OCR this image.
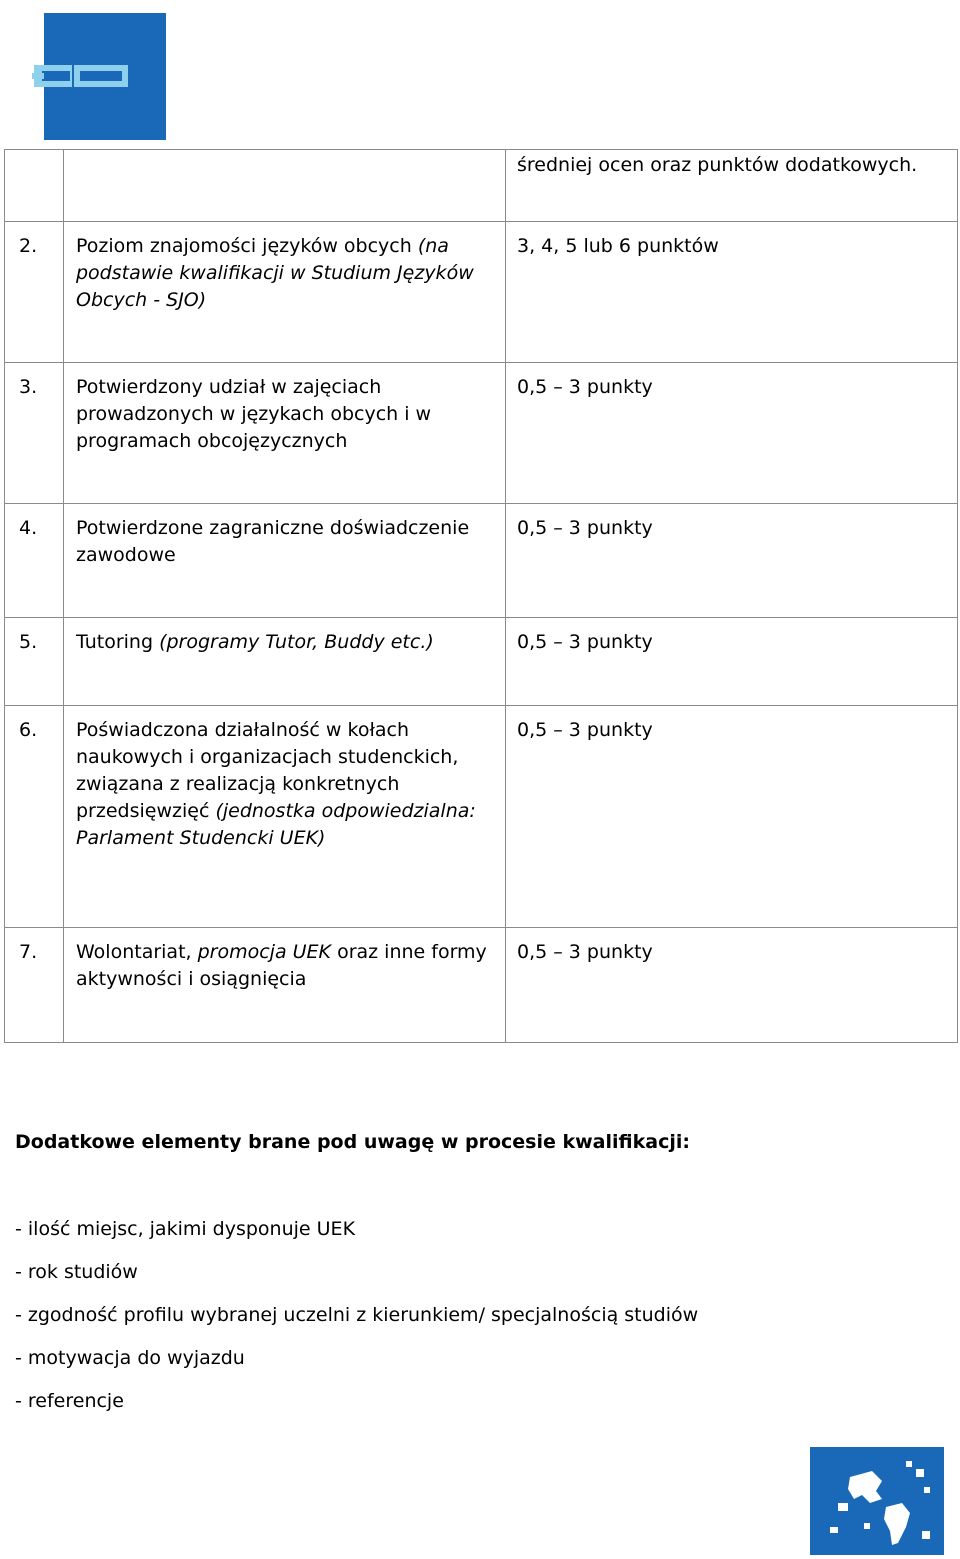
		średniej ocen oraz punktów dodatkowych.

2.	Poziom znajomości języków obcych (na podstawie kwalifikacji w Studium Języków Obcych - SJO)	3, 4, 5 lub 6 punktów

3.	Potwierdzony udział w zajęciach prowadzonych w językach obcych i w programach obcojęzycznych	0,5 – 3 punkty

4.	Potwierdzone zagraniczne doświadczenie zawodowe	0,5 – 3 punkty

5.	Tutoring (programy Tutor, Buddy etc.)	0,5 – 3 punkty

6.	Poświadczona działalność w kołach naukowych i organizacjach studenckich, związana z realizacją konkretnych przedsięwzięć (jednostka odpowiedzialna: Parlament Studencki UEK)	0,5 – 3 punkty

7.	Wolontariat, promocja UEK oraz inne formy aktywności i osiągnięcia	0,5 – 3 punkty
Dodatkowe elementy brane pod uwagę w procesie kwalifikacji:
- ilość miejsc, jakimi dysponuje UEK
- rok studiów
- zgodność profilu wybranej uczelni z kierunkiem/ specjalnością studiów
- motywacja do wyjazdu
- referencje
